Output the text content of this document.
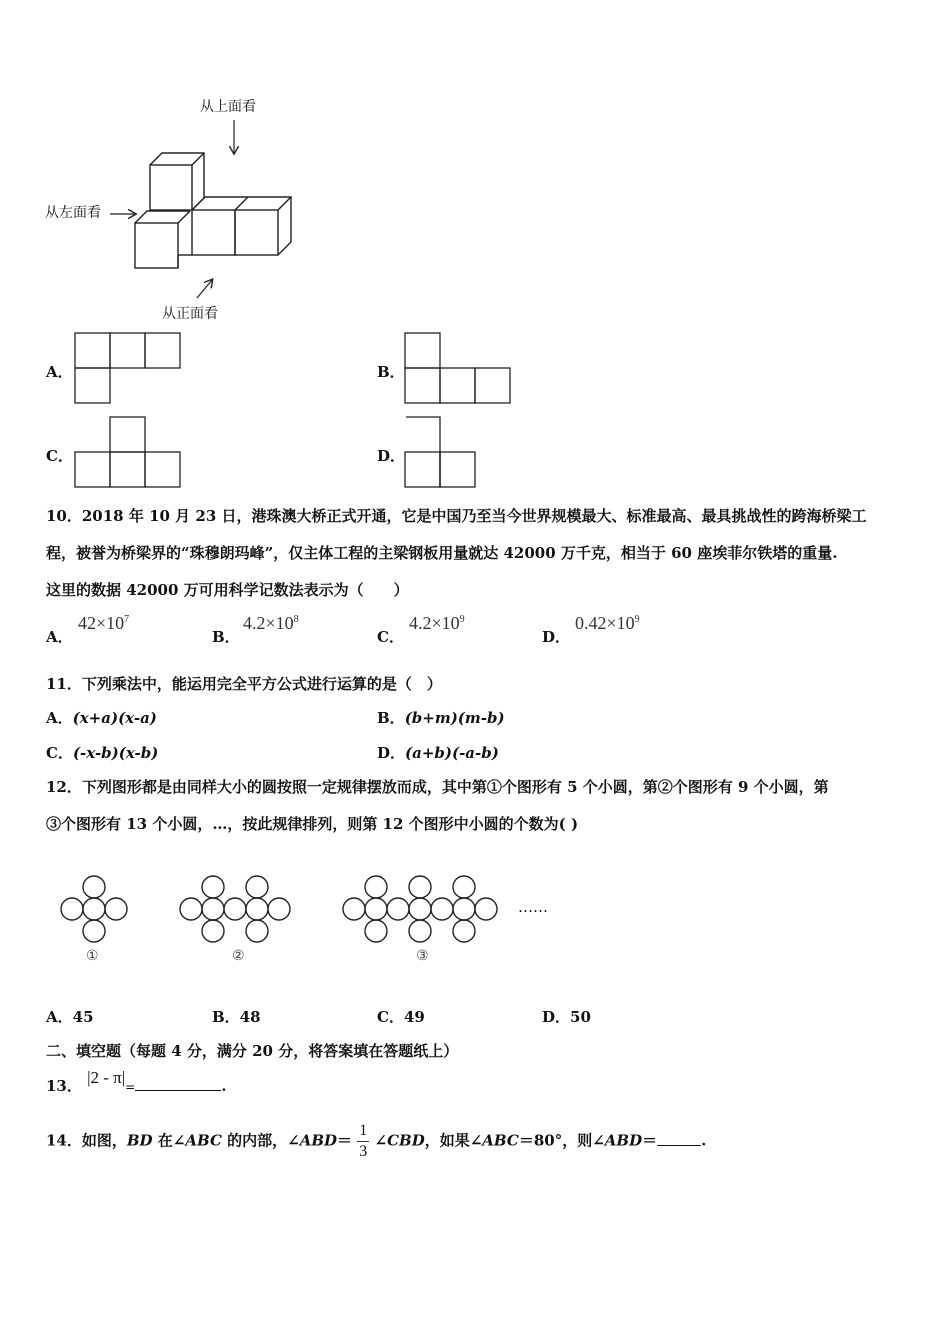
从上面看
从左面看
从正面看
A．	B．
C．	D．
10．2018 年 10 月 23 日，港珠澳大桥正式开通，它是中国乃至当今世界规模最大、标准最高、最具挑战性的跨海桥梁工
程，被誉为桥梁界的“珠穆朗玛峰”，仅主体工程的主梁钢板用量就达 42000 万千克，相当于 60 座埃菲尔铁塔的重量.
这里的数据 42000 万可用科学记数法表示为（　　）
A．
$42\times 10^7$
B．
$4.2\times 10^8$
C．
$4.2\times 10^9$
D．
$0.42\times 10^9$
11．下列乘法中，能运用完全平方公式进行运算的是（　）
A．(x+a)(x-a)	B．(b+m)(m-b)
C．(-x-b)(x-b)	D．(a+b)(-a-b)
12．下列图形都是由同样大小的圆按照一定规律摆放而成，其中第①个图形有 5 个小圆，第②个图形有 9 个小圆，第
③个图形有 13 个小圆，…，按此规律排列，则第 12 个图形中小圆的个数为( )
①	②	③
……
A．45	B．48	C．49	D．50
二、填空题（每题 4 分，满分 20 分，将答案填在答题纸上）
13． |2 - π|=	.
14．如图，BD 在∠ABC 的内部，∠ABD＝ $\frac{1}{3}$ ∠CBD，如果∠ABC＝80°，则∠ABD＝	.
